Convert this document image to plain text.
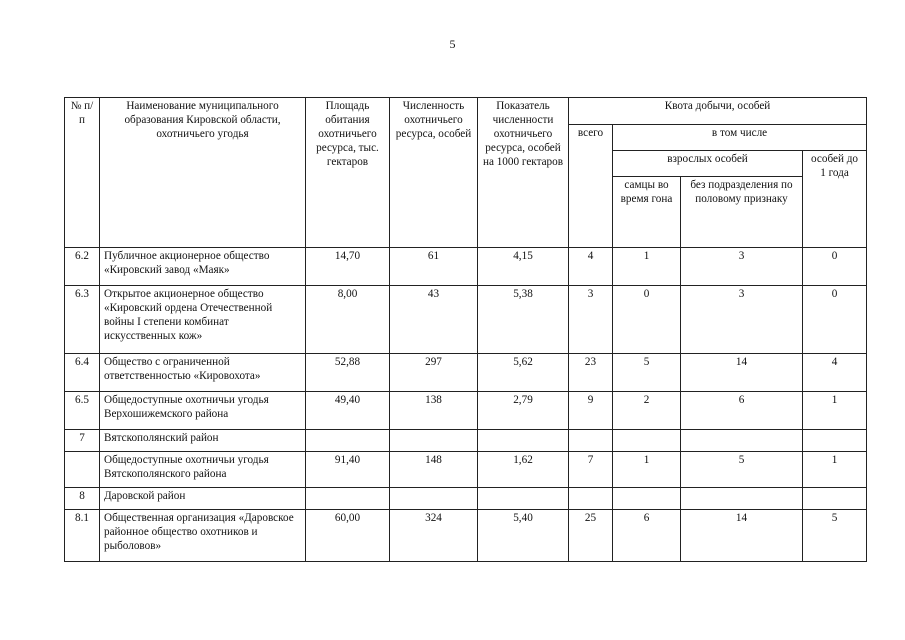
5
№ п/п	Наименование муниципального образования Кировской области, охотничьего угодья	Площадь обитания охотничьего ресурса, тыс. гектаров	Численность охотничьего ресурса, особей	Показатель численности охотничьего ресурса, особей на 1000 гектаров	Квота добычи, особей			
					всего	в том числе		
						взрослых особей		особей до 1 года
						самцы во время гона	без подразделения по половому признаку	
6.2	Публичное акционерное общество «Кировский завод «Маяк»	14,70	61	4,15	4	1	3	0
6.3	Открытое акционерное общество «Кировский ордена Отечественной войны I степени комбинат искусственных кож»	8,00	43	5,38	3	0	3	0
6.4	Общество с ограниченной ответственностью «Кировохота»	52,88	297	5,62	23	5	14	4
6.5	Общедоступные охотничьи угодья Верхошижемского района	49,40	138	2,79	9	2	6	1
7	Вятскополянский район							
	Общедоступные охотничьи угодья Вятскополянского района	91,40	148	1,62	7	1	5	1
8	Даровской район							
8.1	Общественная организация «Даровское районное общество охотников и рыболовов»	60,00	324	5,40	25	6	14	5
